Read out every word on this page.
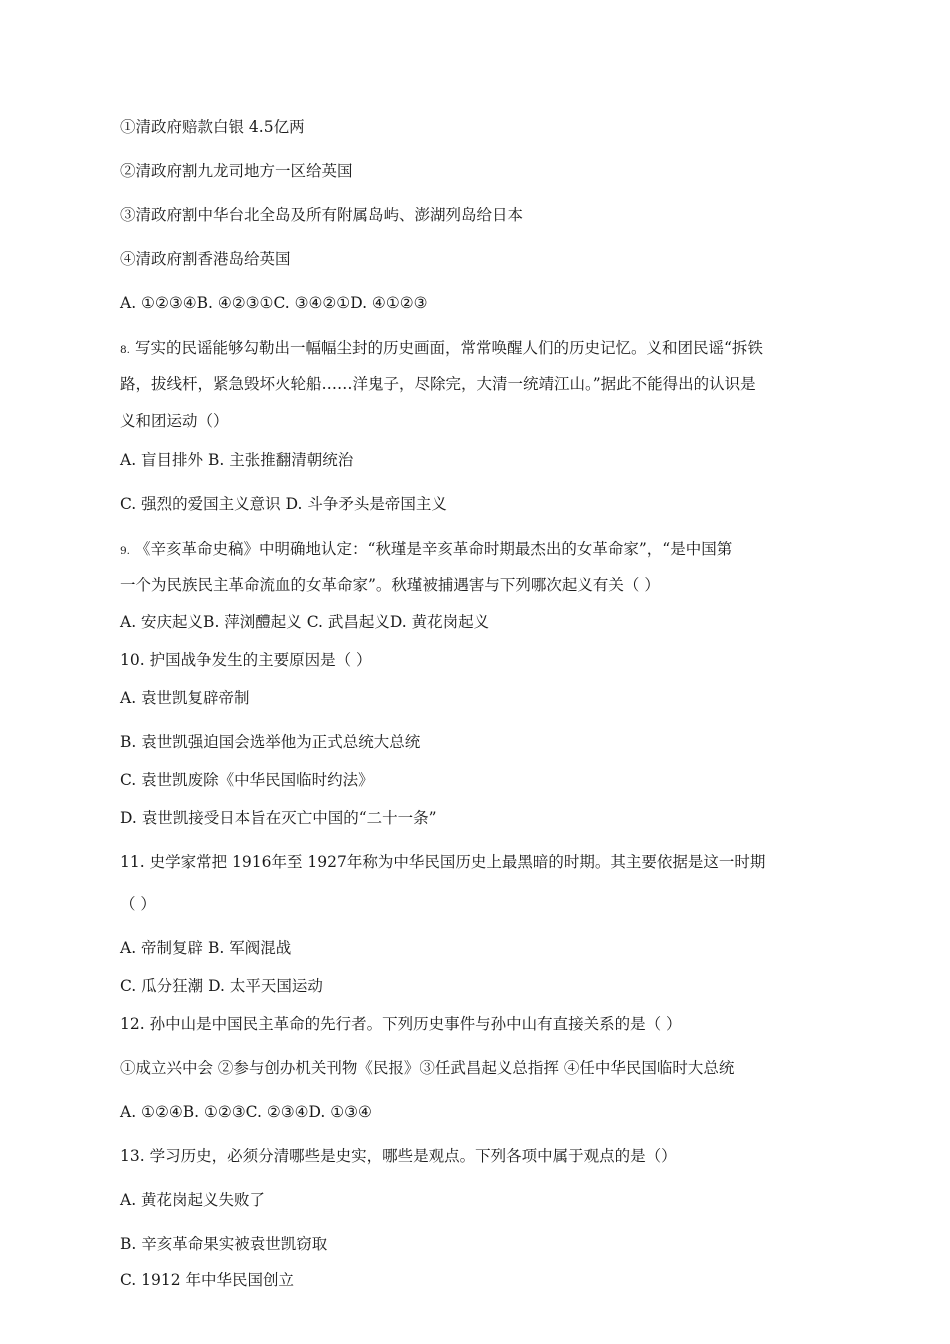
①清政府赔款白银 4.5亿两
②清政府割九龙司地方一区给英国
③清政府割中华台北全岛及所有附属岛屿、澎湖列岛给日本
④清政府割香港岛给英国
A. ①②③④B. ④②③①C. ③④②①D. ④①②③
8. 写实的民谣能够勾勒出一幅幅尘封的历史画面，常常唤醒人们的历史记忆。义和团民谣“拆铁
路，拔线杆，紧急毁坏火轮船……洋鬼子，尽除完，大清一统靖江山。”据此不能得出的认识是
义和团运动（）
A. 盲目排外 B. 主张推翻清朝统治
C. 强烈的爱国主义意识 D. 斗争矛头是帝国主义
9. 《辛亥革命史稿》中明确地认定：“秋瑾是辛亥革命时期最杰出的女革命家”，“是中国第
一个为民族民主革命流血的女革命家”。秋瑾被捕遇害与下列哪次起义有关（ ）
A. 安庆起义B. 萍浏醴起义 C. 武昌起义D. 黄花岗起义
10. 护国战争发生的主要原因是（ ）
A. 袁世凯复辟帝制
B. 袁世凯强迫国会选举他为正式总统大总统
C. 袁世凯废除《中华民国临时约法》
D. 袁世凯接受日本旨在灭亡中国的“二十一条”
11. 史学家常把 1916年至 1927年称为中华民国历史上最黑暗的时期。其主要依据是这一时期
（ ）
A. 帝制复辟 B. 军阀混战
C. 瓜分狂潮 D. 太平天国运动
12. 孙中山是中国民主革命的先行者。下列历史事件与孙中山有直接关系的是（ ）
①成立兴中会 ②参与创办机关刊物《民报》③任武昌起义总指挥 ④任中华民国临时大总统
A. ①②④B. ①②③C. ②③④D. ①③④
13. 学习历史，必须分清哪些是史实，哪些是观点。下列各项中属于观点的是（）
A. 黄花岗起义失败了
B. 辛亥革命果实被袁世凯窃取
C. 1912 年中华民国创立
